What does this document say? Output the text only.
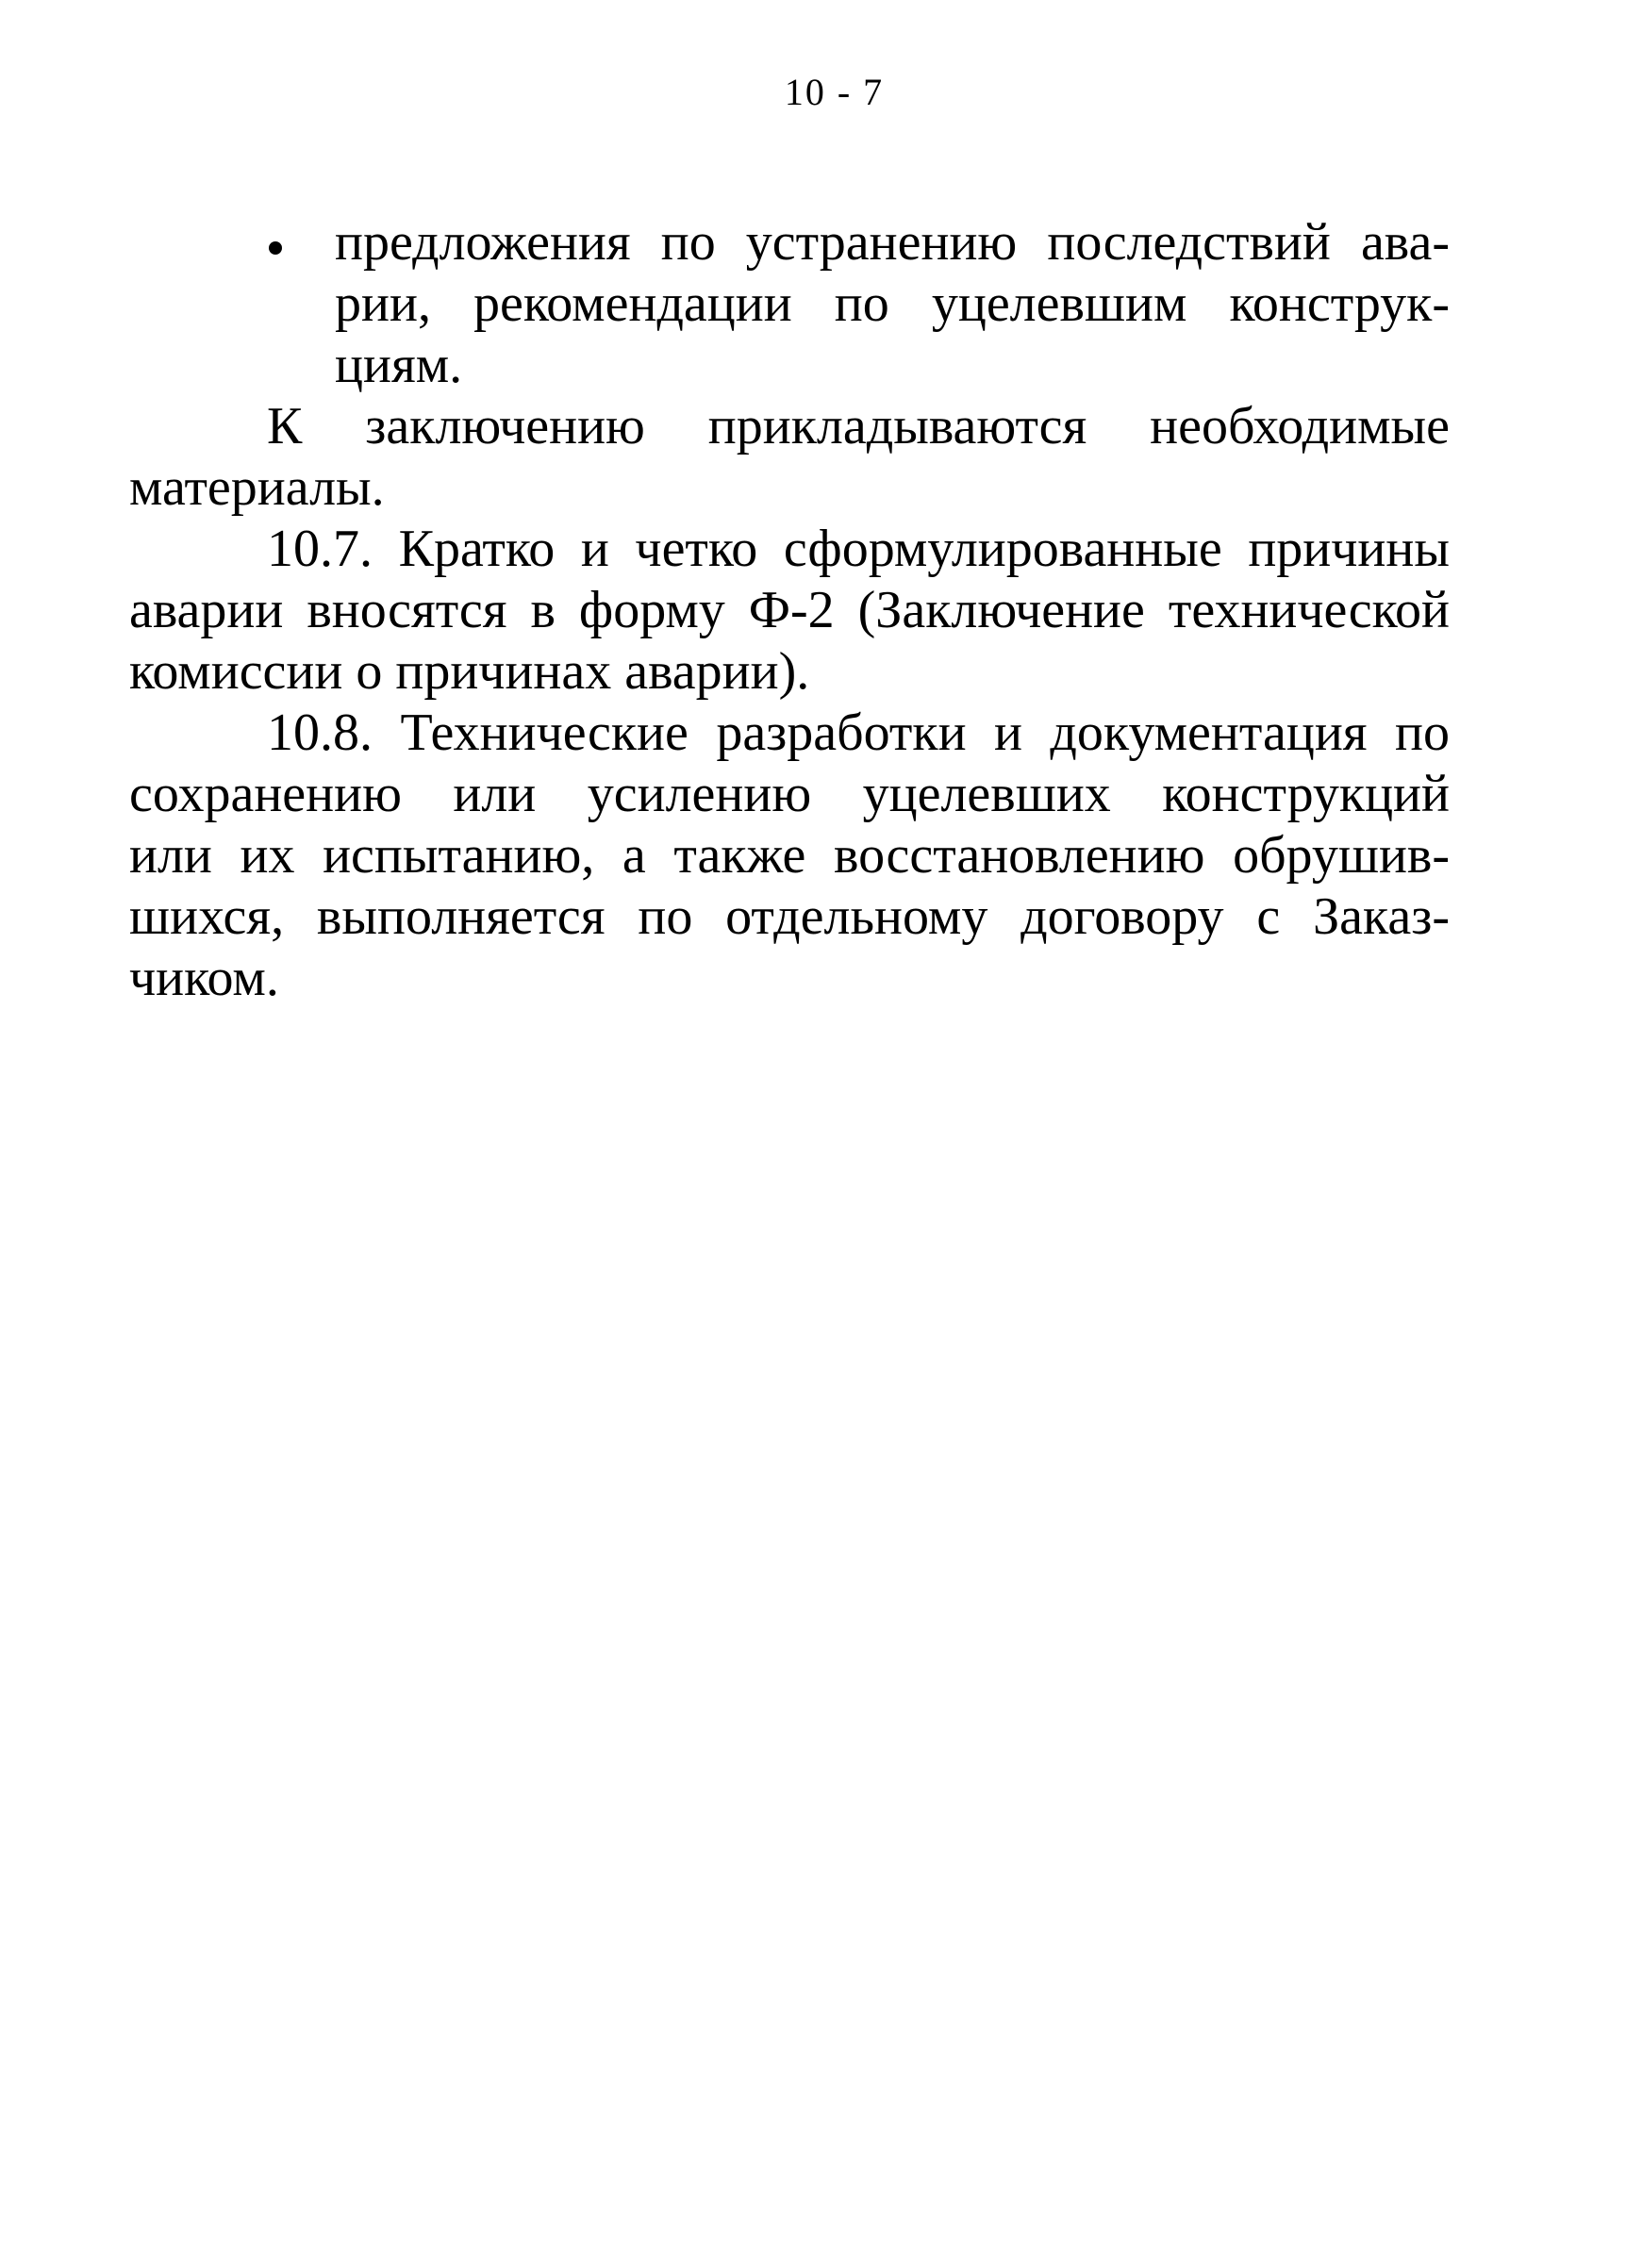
10 - 7
предложения по устранению последствий ава-
рии, рекомендации по уцелевшим конструк-
циям.
К заключению прикладываются необходимые
материалы.
10.7. Кратко и четко сформулированные причины
аварии вносятся в форму Ф-2 (Заключение технической
комиссии о причинах аварии).
10.8. Технические разработки и документация по
сохранению или усилению уцелевших конструкций
или их испытанию, а также восстановлению обрушив-
шихся, выполняется по отдельному договору с Заказ-
чиком.
